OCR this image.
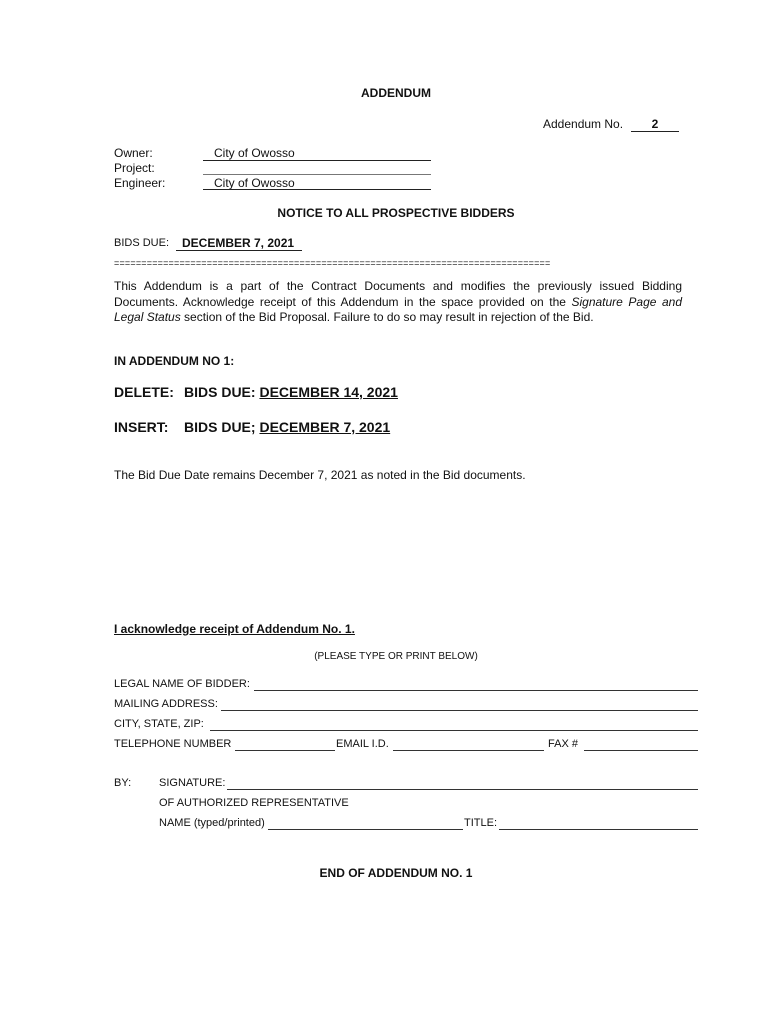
ADDENDUM
Addendum No.	2
Owner:	City of Owosso
Project:
Engineer:	City of Owosso
NOTICE TO ALL PROSPECTIVE BIDDERS
BIDS DUE: DECEMBER 7, 2021
================================================================================
This Addendum is a part of the Contract Documents and modifies the previously issued Bidding Documents. Acknowledge receipt of this Addendum in the space provided on the Signature Page and Legal Status section of the Bid Proposal. Failure to do so may result in rejection of the Bid.
IN ADDENDUM NO 1:
DELETE: BIDS DUE: DECEMBER 14, 2021
INSERT: BIDS DUE; DECEMBER 7, 2021
The Bid Due Date remains December 7, 2021 as noted in the Bid documents.
I acknowledge receipt of Addendum No. 1.
(PLEASE TYPE OR PRINT BELOW)
LEGAL NAME OF BIDDER:
MAILING ADDRESS:
CITY, STATE, ZIP:
TELEPHONE NUMBER	EMAIL I.D.	FAX #
BY:	SIGNATURE:
OF AUTHORIZED REPRESENTATIVE
NAME (typed/printed)	TITLE:
END OF ADDENDUM NO. 1
